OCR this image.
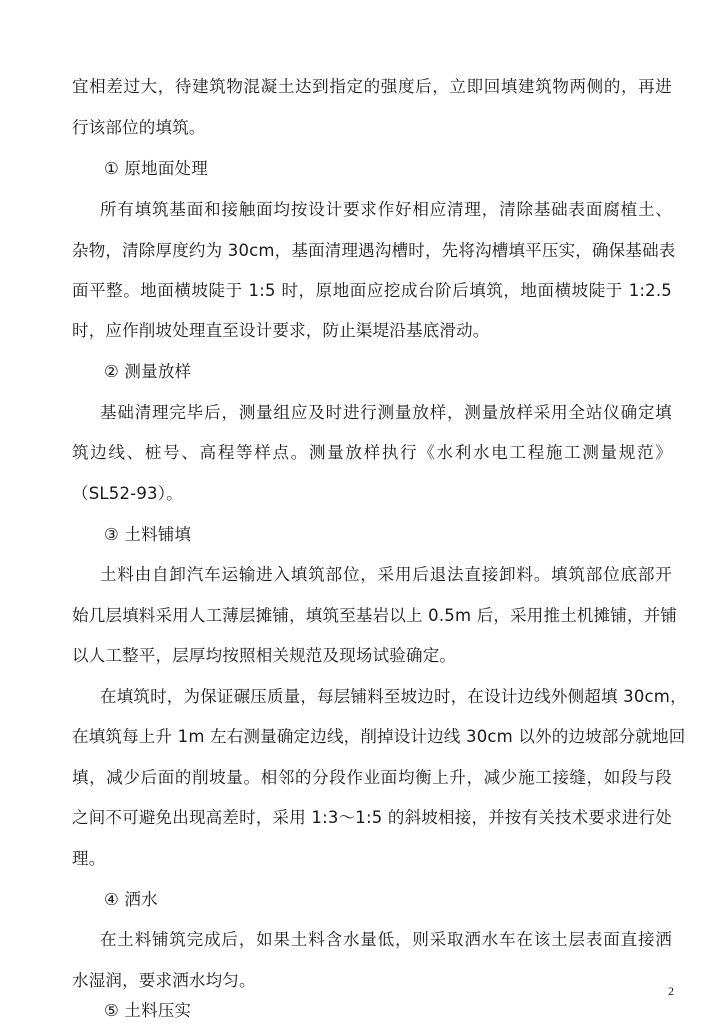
宜相差过大，待建筑物混凝土达到指定的强度后，立即回填建筑物两侧的，再进
行该部位的填筑。
① 原地面处理
所有填筑基面和接触面均按设计要求作好相应清理，清除基础表面腐植土、
杂物，清除厚度约为 30cm，基面清理遇沟槽时，先将沟槽填平压实，确保基础表
面平整。地面横坡陡于 1:5 时，原地面应挖成台阶后填筑，地面横坡陡于 1:2.5
时，应作削坡处理直至设计要求，防止渠堤沿基底滑动。
② 测量放样
基础清理完毕后，测量组应及时进行测量放样，测量放样采用全站仪确定填
筑边线、桩号、高程等样点。测量放样执行《水利水电工程施工测量规范》
（SL52-93）。
③ 土料铺填
土料由自卸汽车运输进入填筑部位，采用后退法直接卸料。填筑部位底部开
始几层填料采用人工薄层摊铺，填筑至基岩以上 0.5m 后，采用推土机摊铺，并铺
以人工整平，层厚均按照相关规范及现场试验确定。
在填筑时，为保证碾压质量，每层铺料至坡边时，在设计边线外侧超填 30cm，
在填筑每上升 1m 左右测量确定边线，削掉设计边线 30cm 以外的边坡部分就地回
填，减少后面的削坡量。相邻的分段作业面均衡上升，减少施工接缝，如段与段
之间不可避免出现高差时，采用 1:3～1:5 的斜坡相接，并按有关技术要求进行处
理。
④ 洒水
在土料铺筑完成后，如果土料含水量低，则采取洒水车在该土层表面直接洒
水湿润，要求洒水均匀。
⑤ 土料压实
2
